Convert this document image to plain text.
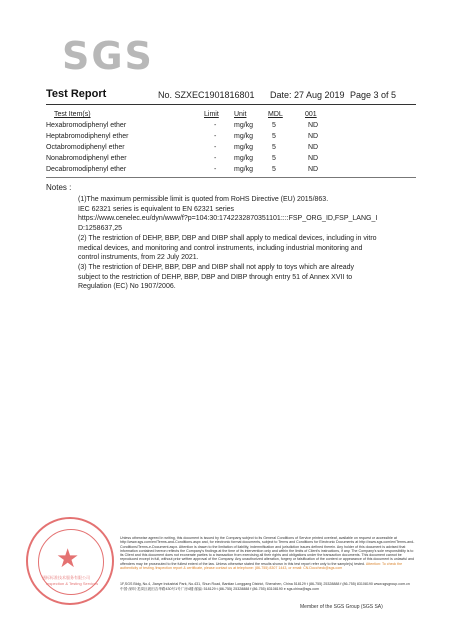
SGS
Test Report	No. SZXEC1901816801 Date: 27 Aug 2019 Page 3 of 5
Test Item(s)	Limit Unit	MDL	001
Hexabromodiphenyl ether	-	mg/kg	5	ND
Heptabromodiphenyl ether	-	mg/kg	5	ND
Octabromodiphenyl ether	-	mg/kg	5	ND
Nonabromodiphenyl ether	-	mg/kg	5	ND
Decabromodiphenyl ether	-	mg/kg	5	ND
Notes :

(1)The maximum permissible limit is quoted from RoHS Directive (EU) 2015/863.

IEC 62321 series is equivalent to EN 62321 series

https://www.cenelec.eu/dyn/www/f?p=104:30:1742232870351101::::FSP_ORG_ID,FSP_LANG_ID:1258637,25

(2) The restriction of DEHP, BBP, DBP and DIBP shall apply to medical devices, including in vitro medical devices, and monitoring and control instruments, including industrial monitoring and control instruments, from 22 July 2021.

(3) The restriction of DEHP, BBP, DBP and DIBP shall not apply to toys which are already subject to the restriction of DEHP, BBP, DBP and DIBP through entry 51 of Annex XVII to Regulation (EC) No 1907/2006.

★
通标标准技术服务有限公司
Inspection & Testing Services
Unless otherwise agreed in writing, this document is issued by the Company subject to its General Conditions of Service printed overleaf, available on request or accessible at http://www.sgs.com/en/Terms-and-Conditions.aspx and, for electronic format documents, subject to Terms and Conditions for Electronic Documents at http://www.sgs.com/en/Terms-and-Conditions/Terms-e-Document.aspx. Attention is drawn to the limitation of liability, indemnification and jurisdiction issues defined therein. Any holder of this document is advised that information contained hereon reflects the Company's findings at the time of its intervention only and within the limits of Client's instructions, if any. The Company's sole responsibility is to its Client and this document does not exonerate parties to a transaction from exercising all their rights and obligations under the transaction documents. This document cannot be reproduced except in full, without prior written approval of the Company. Any unauthorized alteration, forgery or falsification of the content or appearance of this document is unlawful and offenders may be prosecuted to the fullest extent of the law. Unless otherwise stated the results shown in this test report refer only to the sample(s) tested. Attention: To check the authenticity of testing /inspection report & certificate, please contact us at telephone: (86-755) 8307 1443, or email: CN.Doccheck@sgs.com
1F,SGS Bldg, No.4, Jianye Industrial Park, No.431, Shun Road, Bantian Longgang District, Shenzhen, China 518129 t (86-755) 25328888 f (86-755) 83108190 www.sgsgroup.com.cn
中国·深圳·龙岗区坂田吉华路430号1号厂房4楼 邮编: 518129 t (86-755) 25328888 f (86-755) 83108190 e sgs.china@sgs.com
Member of the SGS Group (SGS SA)
